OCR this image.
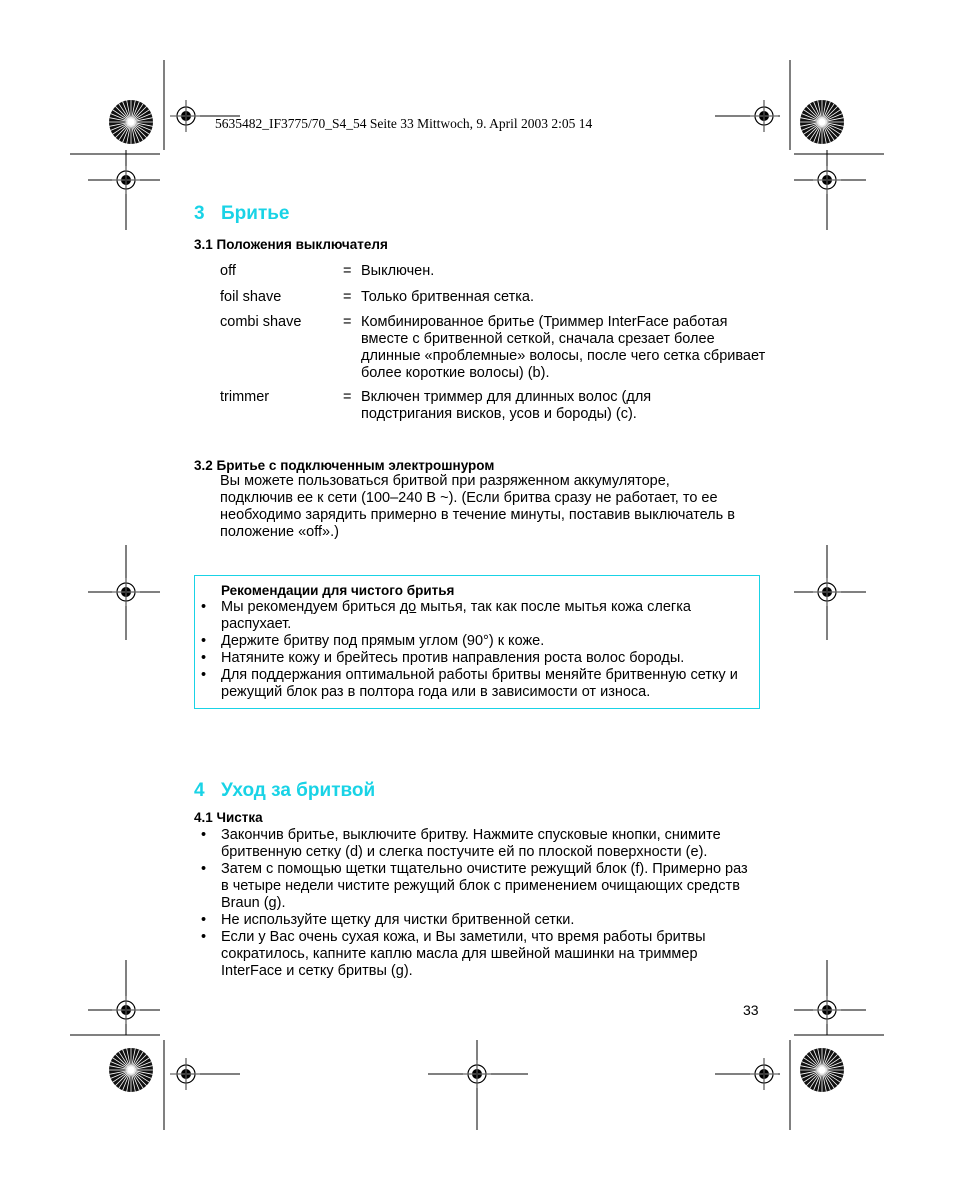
5635482_IF3775/70_S4_54 Seite 33 Mittwoch, 9. April 2003 2:05 14
3 Бритье
3.1 Положения выключателя
off	= Выключен.
foil shave	= Только бритвенная сетка.
combi shave	= Комбинированное бритье (Триммер InterFace работая вместе с бритвенной сеткой, сначала срезает более длинные «проблемные» волосы, после чего сетка сбривает более короткие волосы) (b).
trimmer	= Включен триммер для длинных волос (для подстригания висков, усов и бороды) (c).
3.2 Бритье с подключенным электрошнуром
Вы можете пользоваться бритвой при разряженном аккумуляторе, подключив ее к сети (100–240 В ~). (Если бритва сразу не работает, то ее необходимо зарядить примерно в течение минуты, поставив выключатель в положение «off».)
Рекомендации для чистого бритья
• Мы рекомендуем бриться до мытья, так как после мытья кожа слегка распухает.
• Держите бритву под прямым углом (90°) к коже.
• Натяните кожу и брейтесь против направления роста волос бороды.
• Для поддержания оптимальной работы бритвы меняйте бритвенную сетку и режущий блок раз в полтора года или в зависимости от износа.
4 Уход за бритвой
4.1 Чистка
• Закончив бритье, выключите бритву. Нажмите спусковые кнопки, снимите бритвенную сетку (d) и слегка постучите ей по плоской поверхности (e).
• Затем с помощью щетки тщательно очистите режущий блок (f). Примерно раз в четыре недели чистите режущий блок с применением очищающих средств Braun (g).
• Не используйте щетку для чистки бритвенной сетки.
• Если у Вас очень сухая кожа, и Вы заметили, что время работы бритвы сократилось, капните каплю масла для швейной машинки на триммер InterFace и сетку бритвы (g).
33
